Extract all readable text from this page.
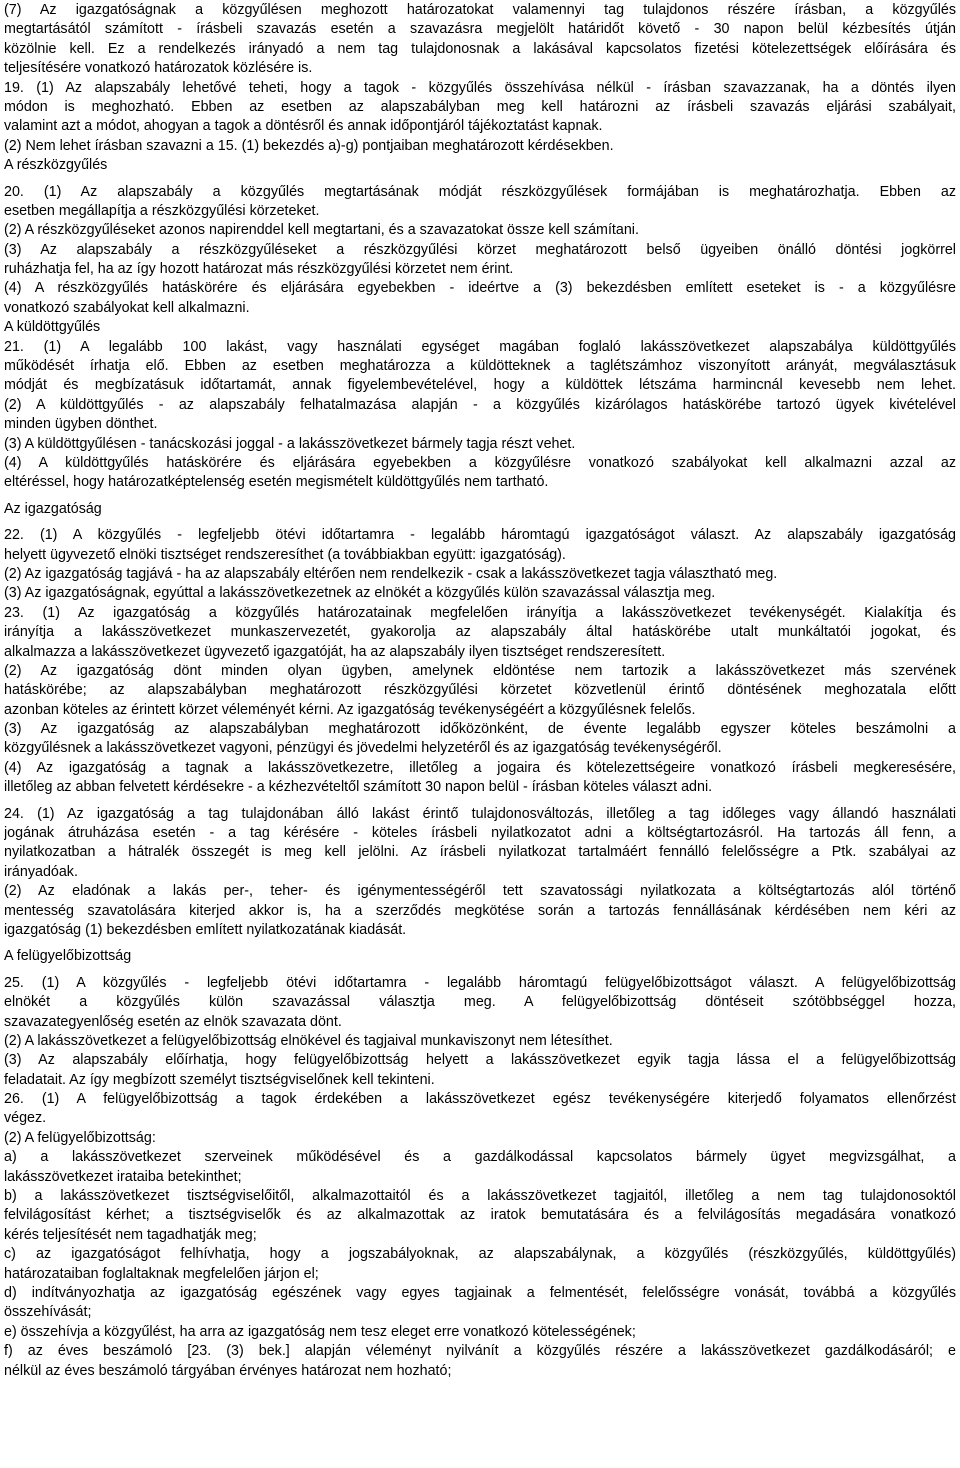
(7) Az igazgatóságnak a közgyűlésen meghozott határozatokat valamennyi tag tulajdonos részére írásban, a közgyűlés
megtartásától számított - írásbeli szavazás esetén a szavazásra megjelölt határidőt követő - 30 napon belül kézbesítés útján
közölnie kell. Ez a rendelkezés irányadó a nem tag tulajdonosnak a lakásával kapcsolatos fizetési kötelezettségek előírására és
teljesítésére vonatkozó határozatok közlésére is.
19. (1) Az alapszabály lehetővé teheti, hogy a tagok - közgyűlés összehívása nélkül - írásban szavazzanak, ha a döntés ilyen
módon is meghozható. Ebben az esetben az alapszabályban meg kell határozni az írásbeli szavazás eljárási szabályait,
valamint azt a módot, ahogyan a tagok a döntésről és annak időpontjáról tájékoztatást kapnak.
(2) Nem lehet írásban szavazni a 15. (1) bekezdés a)-g) pontjaiban meghatározott kérdésekben.
A részközgyűlés
20. (1) Az alapszabály a közgyűlés megtartásának módját részközgyűlések formájában is meghatározhatja. Ebben az
esetben megállapítja a részközgyűlési körzeteket.
(2) A részközgyűléseket azonos napirenddel kell megtartani, és a szavazatokat össze kell számítani.
(3) Az alapszabály a részközgyűléseket a részközgyűlési körzet meghatározott belső ügyeiben önálló döntési jogkörrel
ruházhatja fel, ha az így hozott határozat más részközgyűlési körzetet nem érint.
(4) A részközgyűlés hatáskörére és eljárására egyebekben - ideértve a (3) bekezdésben említett eseteket is - a közgyűlésre
vonatkozó szabályokat kell alkalmazni.
A küldöttgyűlés
21. (1) A legalább 100 lakást, vagy használati egységet magában foglaló lakásszövetkezet alapszabálya küldöttgyűlés
működését írhatja elő. Ebben az esetben meghatározza a küldötteknek a taglétszámhoz viszonyított arányát, megválasztásuk
módját és megbízatásuk időtartamát, annak figyelembevételével, hogy a küldöttek létszáma harmincnál kevesebb nem lehet.
(2) A küldöttgyűlés - az alapszabály felhatalmazása alapján - a közgyűlés kizárólagos hatáskörébe tartozó ügyek kivételével
minden ügyben dönthet.
(3) A küldöttgyűlésen - tanácskozási joggal - a lakásszövetkezet bármely tagja részt vehet.
(4) A küldöttgyűlés hatáskörére és eljárására egyebekben a közgyűlésre vonatkozó szabályokat kell alkalmazni azzal az
eltéréssel, hogy határozatképtelenség esetén megismételt küldöttgyűlés nem tartható.
Az igazgatóság
22. (1) A közgyűlés - legfeljebb ötévi időtartamra - legalább háromtagú igazgatóságot választ. Az alapszabály igazgatóság
helyett ügyvezető elnöki tisztséget rendszeresíthet (a továbbiakban együtt: igazgatóság).
(2) Az igazgatóság tagjává - ha az alapszabály eltérően nem rendelkezik - csak a lakásszövetkezet tagja választható meg.
(3) Az igazgatóságnak, egyúttal a lakásszövetkezetnek az elnökét a közgyűlés külön szavazással választja meg.
23. (1) Az igazgatóság a közgyűlés határozatainak megfelelően irányítja a lakásszövetkezet tevékenységét. Kialakítja és
irányítja a lakásszövetkezet munkaszervezetét, gyakorolja az alapszabály által hatáskörébe utalt munkáltatói jogokat, és
alkalmazza a lakásszövetkezet ügyvezető igazgatóját, ha az alapszabály ilyen tisztséget rendszeresített.
(2) Az igazgatóság dönt minden olyan ügyben, amelynek eldöntése nem tartozik a lakásszövetkezet más szervének
hatáskörébe; az alapszabályban meghatározott részközgyűlési körzetet közvetlenül érintő döntésének meghozatala előtt
azonban köteles az érintett körzet véleményét kérni. Az igazgatóság tevékenységéért a közgyűlésnek felelős.
(3) Az igazgatóság az alapszabályban meghatározott időközönként, de évente legalább egyszer köteles beszámolni a
közgyűlésnek a lakásszövetkezet vagyoni, pénzügyi és jövedelmi helyzetéről és az igazgatóság tevékenységéről.
(4) Az igazgatóság a tagnak a lakásszövetkezetre, illetőleg a jogaira és kötelezettségeire vonatkozó írásbeli megkeresésére,
illetőleg az abban felvetett kérdésekre - a kézhezvételtől számított 30 napon belül - írásban köteles választ adni.
24. (1) Az igazgatóság a tag tulajdonában álló lakást érintő tulajdonosváltozás, illetőleg a tag időleges vagy állandó használati
jogának átruházása esetén - a tag kérésére - köteles írásbeli nyilatkozatot adni a költségtartozásról. Ha tartozás áll fenn, a
nyilatkozatban a hátralék összegét is meg kell jelölni. Az írásbeli nyilatkozat tartalmáért fennálló felelősségre a Ptk. szabályai az
irányadóak.
(2) Az eladónak a lakás per-, teher- és igénymentességéről tett szavatossági nyilatkozata a költségtartozás alól történő
mentesség szavatolására kiterjed akkor is, ha a szerződés megkötése során a tartozás fennállásának kérdésében nem kéri az
igazgatóság (1) bekezdésben említett nyilatkozatának kiadását.
A felügyelőbizottság
25. (1) A közgyűlés - legfeljebb ötévi időtartamra - legalább háromtagú felügyelőbizottságot választ. A felügyelőbizottság
elnökét a közgyűlés külön szavazással választja meg. A felügyelőbizottság döntéseit szótöbbséggel hozza,
szavazategyenlőség esetén az elnök szavazata dönt.
(2) A lakásszövetkezet a felügyelőbizottság elnökével és tagjaival munkaviszonyt nem létesíthet.
(3) Az alapszabály előírhatja, hogy felügyelőbizottság helyett a lakásszövetkezet egyik tagja lássa el a felügyelőbizottság
feladatait. Az így megbízott személyt tisztségviselőnek kell tekinteni.
26. (1) A felügyelőbizottság a tagok érdekében a lakásszövetkezet egész tevékenységére kiterjedő folyamatos ellenőrzést
végez.
(2) A felügyelőbizottság:
a) a lakásszövetkezet szerveinek működésével és a gazdálkodással kapcsolatos bármely ügyet megvizsgálhat, a
lakásszövetkezet irataiba betekinthet;
b) a lakásszövetkezet tisztségviselőitől, alkalmazottaitól és a lakásszövetkezet tagjaitól, illetőleg a nem tag tulajdonosoktól
felvilágosítást kérhet; a tisztségviselők és az alkalmazottak az iratok bemutatására és a felvilágosítás megadására vonatkozó
kérés teljesítését nem tagadhatják meg;
c) az igazgatóságot felhívhatja, hogy a jogszabályoknak, az alapszabálynak, a közgyűlés (részközgyűlés, küldöttgyűlés)
határozataiban foglaltaknak megfelelően járjon el;
d) indítványozhatja az igazgatóság egészének vagy egyes tagjainak a felmentését, felelősségre vonását, továbbá a közgyűlés
összehívását;
e) összehívja a közgyűlést, ha arra az igazgatóság nem tesz eleget erre vonatkozó kötelességének;
f) az éves beszámoló [23. (3) bek.] alapján véleményt nyilvánít a közgyűlés részére a lakásszövetkezet gazdálkodásáról; e
nélkül az éves beszámoló tárgyában érvényes határozat nem hozható;
